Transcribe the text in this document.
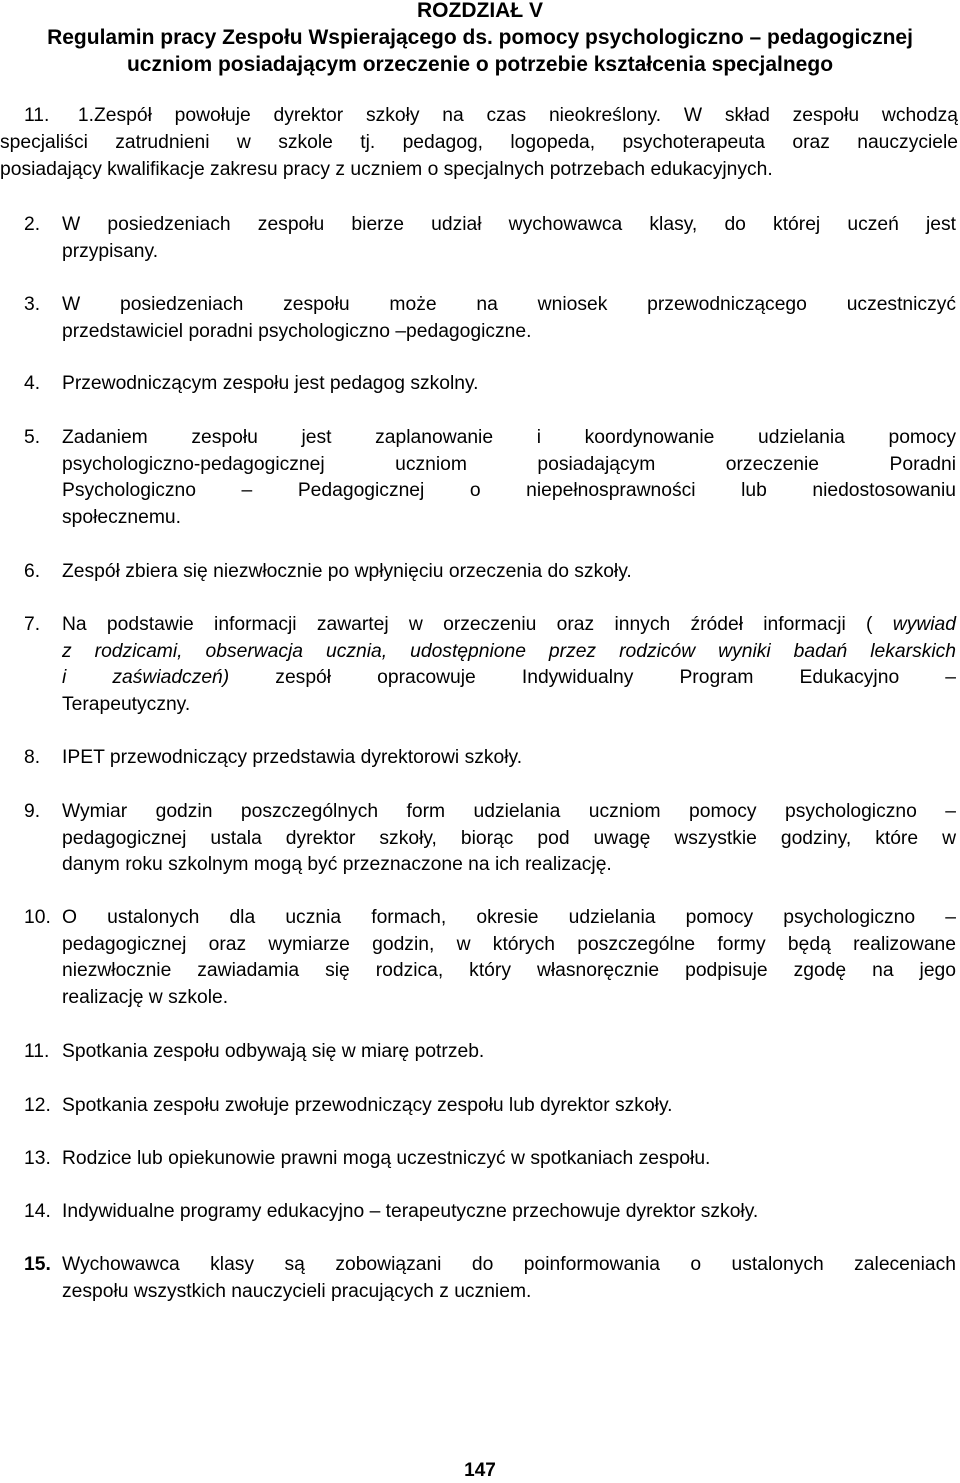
ROZDZIAŁ V
Regulamin pracy Zespołu Wspierającego ds. pomocy psychologiczno – pedagogicznej
uczniom posiadającym orzeczenie o potrzebie kształcenia specjalnego
11. 1.Zespół powołuje dyrektor szkoły na czas nieokreślony. W skład zespołu wchodzą
specjaliści zatrudnieni w szkole tj. pedagog, logopeda, psychoterapeuta oraz nauczyciele
posiadający kwalifikacje zakresu pracy z uczniem o specjalnych potrzebach edukacyjnych.
2. W posiedzeniach zespołu bierze udział wychowawca klasy, do której uczeń jest
przypisany.
3. W posiedzeniach zespołu może na wniosek przewodniczącego uczestniczyć
przedstawiciel poradni psychologiczno –pedagogiczne.
4. Przewodniczącym zespołu jest pedagog szkolny.
5. Zadaniem zespołu jest zaplanowanie i koordynowanie udzielania pomocy
psychologiczno-pedagogicznej uczniom posiadającym orzeczenie Poradni
Psychologiczno – Pedagogicznej o niepełnosprawności lub niedostosowaniu
społecznemu.
6. Zespół zbiera się niezwłocznie po wpłynięciu orzeczenia do szkoły.
7. Na podstawie informacji zawartej w orzeczeniu oraz innych źródeł informacji ( wywiad
z rodzicami, obserwacja ucznia, udostępnione przez rodziców wyniki badań lekarskich
i zaświadczeń) zespół opracowuje Indywidualny Program Edukacyjno –
Terapeutyczny.
8. IPET przewodniczący przedstawia dyrektorowi szkoły.
9. Wymiar godzin poszczególnych form udzielania uczniom pomocy psychologiczno –
pedagogicznej ustala dyrektor szkoły, biorąc pod uwagę wszystkie godziny, które w
danym roku szkolnym mogą być przeznaczone na ich realizację.
10. O ustalonych dla ucznia formach, okresie udzielania pomocy psychologiczno –
pedagogicznej oraz wymiarze godzin, w których poszczególne formy będą realizowane
niezwłocznie zawiadamia się rodzica, który własnoręcznie podpisuje zgodę na jego
realizację w szkole.
11. Spotkania zespołu odbywają się w miarę potrzeb.
12. Spotkania zespołu zwołuje przewodniczący zespołu lub dyrektor szkoły.
13. Rodzice lub opiekunowie prawni mogą uczestniczyć w spotkaniach zespołu.
14. Indywidualne programy edukacyjno – terapeutyczne przechowuje dyrektor szkoły.
15. Wychowawca klasy są zobowiązani do poinformowania o ustalonych zaleceniach
zespołu wszystkich nauczycieli pracujących z uczniem.
147
